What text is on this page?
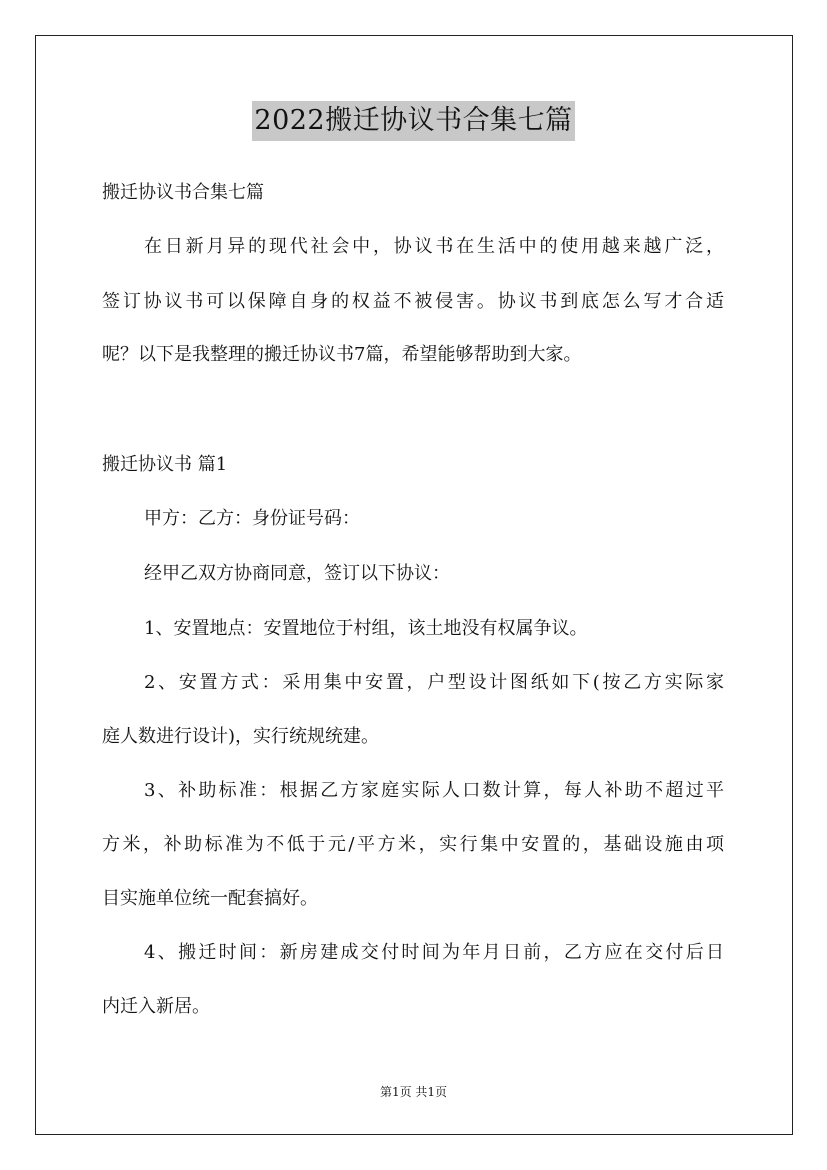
2022搬迁协议书合集七篇
搬迁协议书合集七篇
在日新月异的现代社会中，协议书在生活中的使用越来越广泛，
签订协议书可以保障自身的权益不被侵害。协议书到底怎么写才合适
呢？以下是我整理的搬迁协议书7篇，希望能够帮助到大家。
搬迁协议书 篇1
甲方：乙方：身份证号码：
经甲乙双方协商同意，签订以下协议：
1、安置地点：安置地位于村组，该土地没有权属争议。
2、安置方式：采用集中安置，户型设计图纸如下(按乙方实际家
庭人数进行设计)，实行统规统建。
3、补助标准：根据乙方家庭实际人口数计算，每人补助不超过平
方米，补助标准为不低于元/平方米，实行集中安置的，基础设施由项
目实施单位统一配套搞好。
4、搬迁时间：新房建成交付时间为年月日前，乙方应在交付后日
内迁入新居。
第1页 共1页
